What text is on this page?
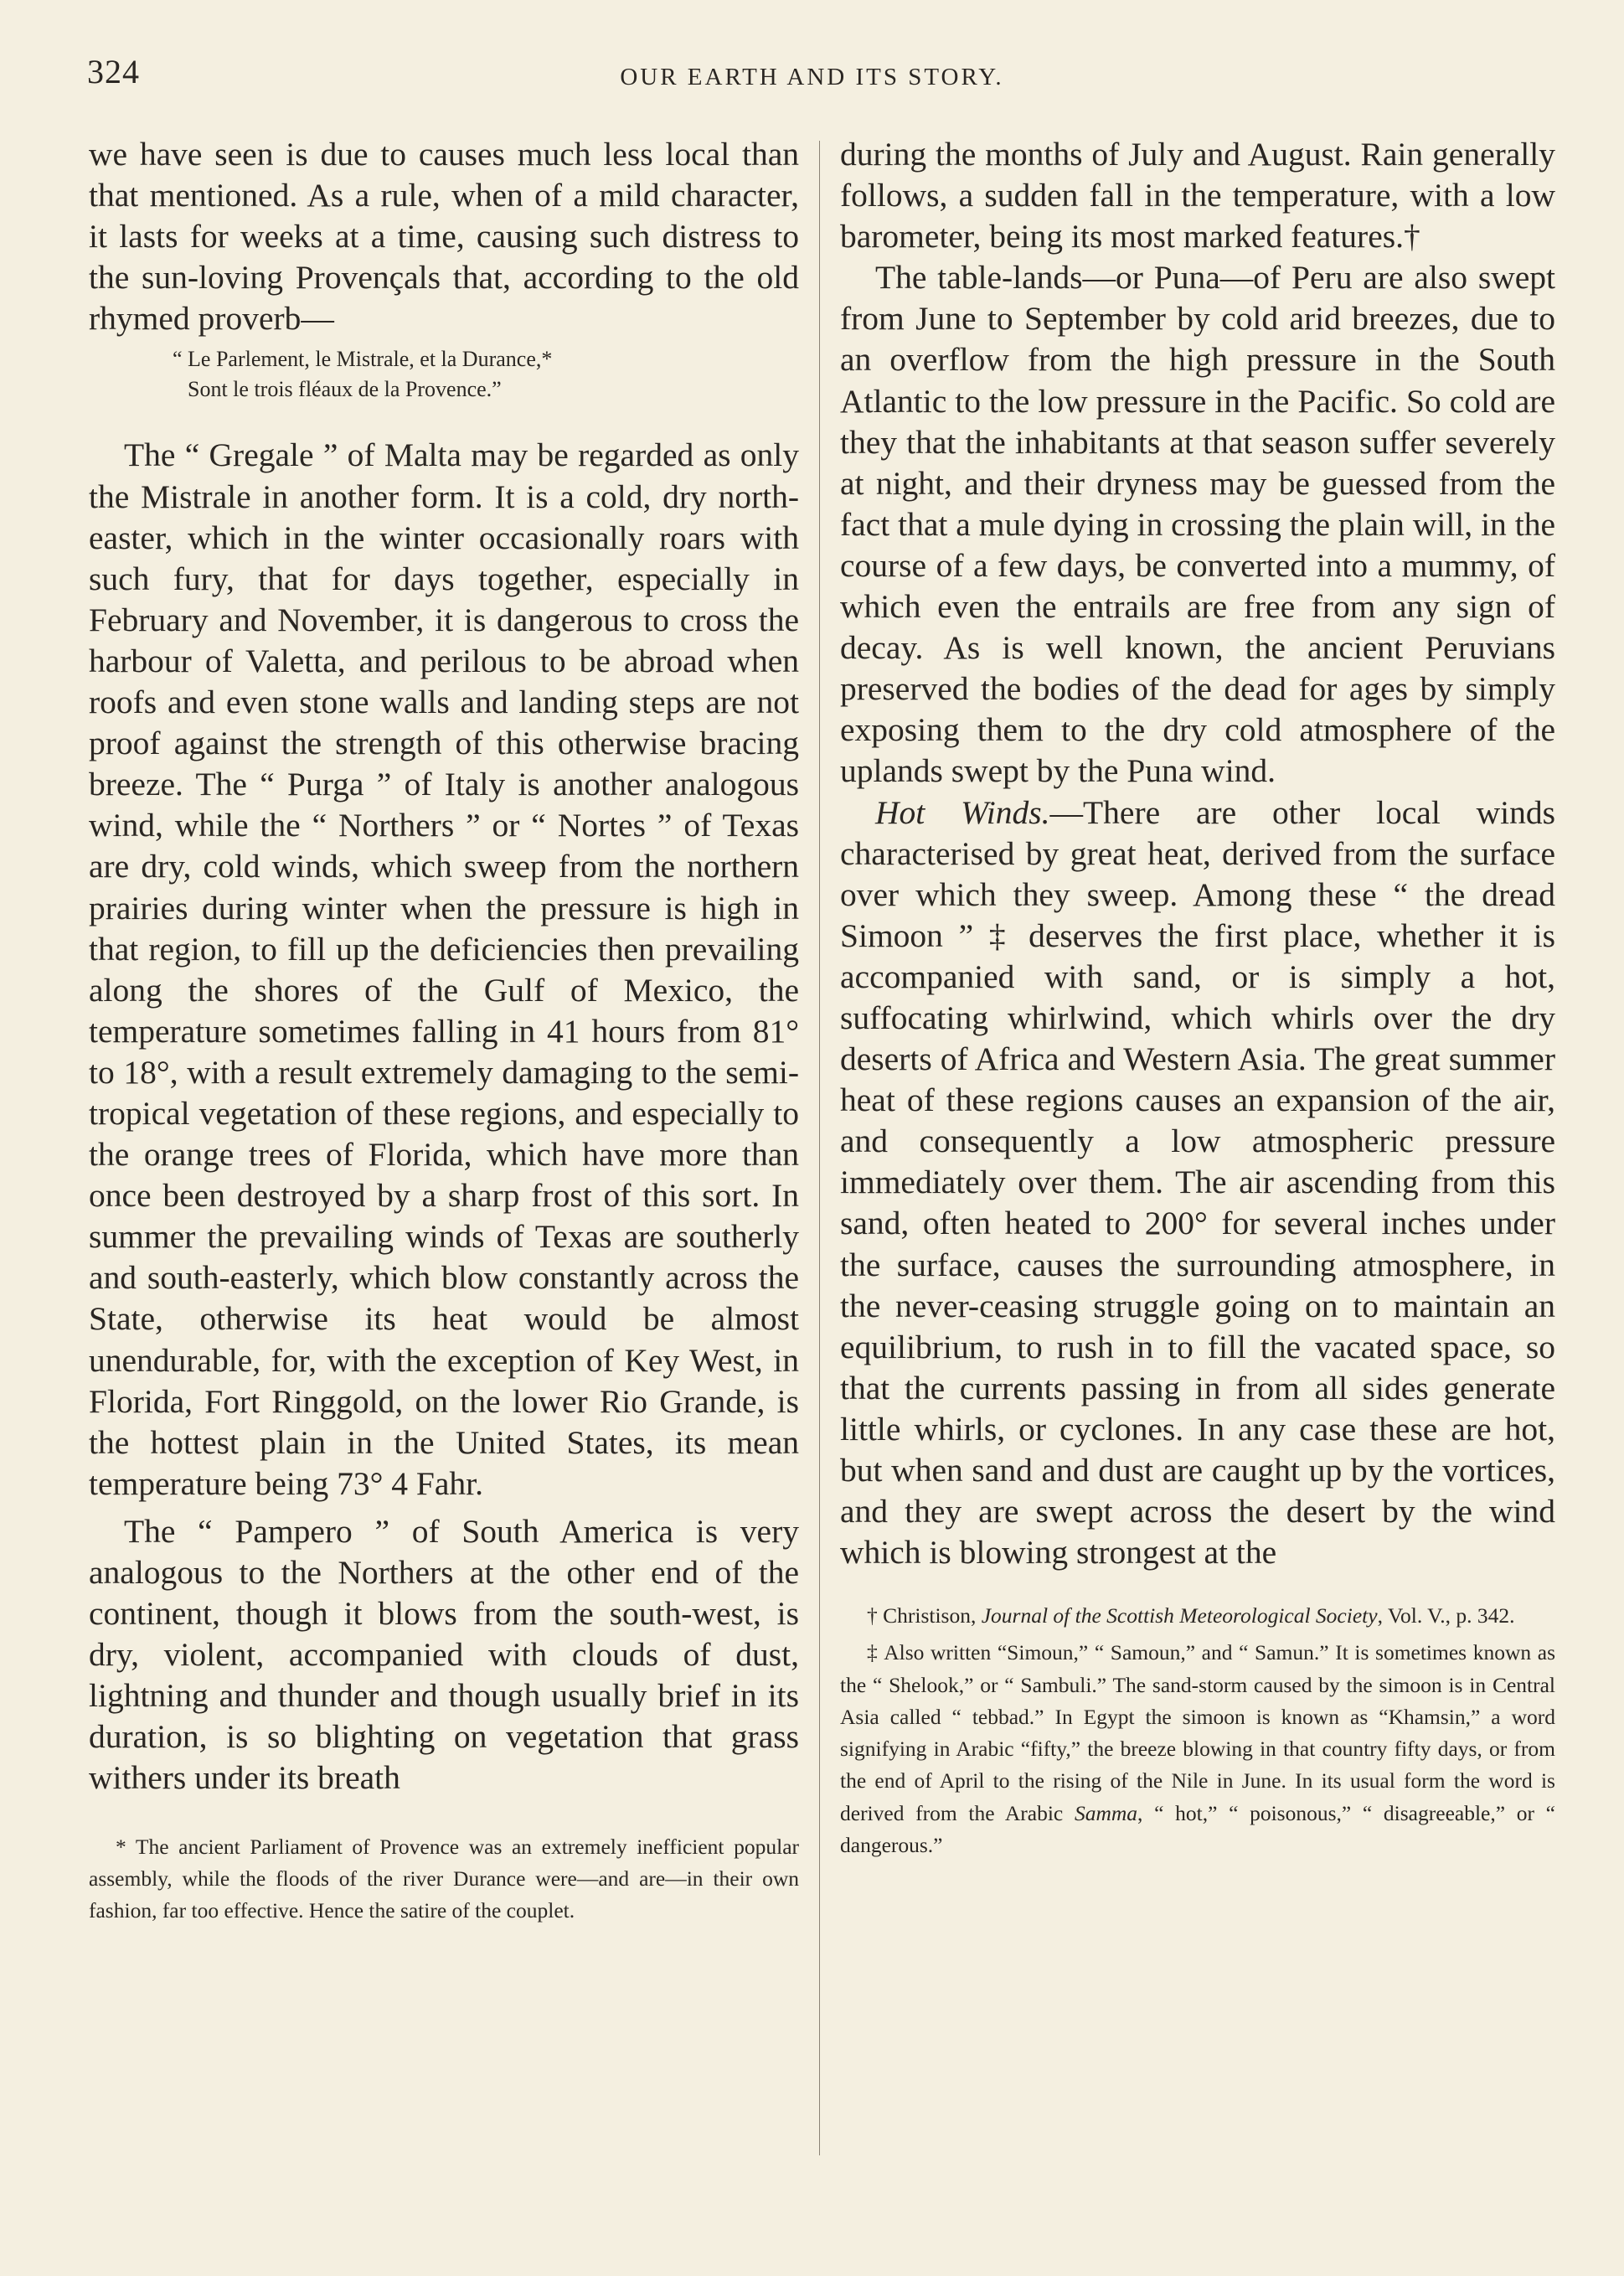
324	OUR EARTH AND ITS STORY.

we have seen is due to causes much less local than that mentioned. As a rule, when of a mild character, it lasts for weeks at a time, causing such distress to the sun-loving Provençals that, according to the old rhymed proverb—

“ Le Parlement, le Mistrale, et la Durance,*
Sont le trois fléaux de la Provence.”

The “ Gregale ” of Malta may be regarded as only the Mistrale in another form. It is a cold, dry north-easter, which in the winter occasionally roars with such fury, that for days together, especially in February and November, it is dangerous to cross the harbour of Valetta, and perilous to be abroad when roofs and even stone walls and landing steps are not proof against the strength of this otherwise bracing breeze. The “ Purga ” of Italy is another analogous wind, while the “ Northers ” or “ Nortes ” of Texas are dry, cold winds, which sweep from the northern prairies during winter when the pressure is high in that region, to fill up the deficiencies then prevailing along the shores of the Gulf of Mexico, the temperature sometimes falling in 41 hours from 81° to 18°, with a result extremely damaging to the semi-tropical vegetation of these regions, and especially to the orange trees of Florida, which have more than once been destroyed by a sharp frost of this sort. In summer the prevailing winds of Texas are southerly and south-easterly, which blow constantly across the State, otherwise its heat would be almost unendurable, for, with the exception of Key West, in Florida, Fort Ringgold, on the lower Rio Grande, is the hottest plain in the United States, its mean temperature being 73° 4 Fahr.

The “ Pampero ” of South America is very analogous to the Northers at the other end of the continent, though it blows from the south-west, is dry, violent, accompanied with clouds of dust, lightning and thunder and though usually brief in its duration, is so blighting on vegetation that grass withers under its breath

* The ancient Parliament of Provence was an extremely inefficient popular assembly, while the floods of the river Durance were—and are—in their own fashion, far too effective. Hence the satire of the couplet.

during the months of July and August. Rain generally follows, a sudden fall in the temperature, with a low barometer, being its most marked features.†

The table-lands—or Puna—of Peru are also swept from June to September by cold arid breezes, due to an overflow from the high pressure in the South Atlantic to the low pressure in the Pacific. So cold are they that the inhabitants at that season suffer severely at night, and their dryness may be guessed from the fact that a mule dying in crossing the plain will, in the course of a few days, be converted into a mummy, of which even the entrails are free from any sign of decay. As is well known, the ancient Peruvians preserved the bodies of the dead for ages by simply exposing them to the dry cold atmosphere of the uplands swept by the Puna wind.

Hot Winds.—There are other local winds characterised by great heat, derived from the surface over which they sweep. Among these “ the dread Simoon ” ‡ deserves the first place, whether it is accompanied with sand, or is simply a hot, suffocating whirlwind, which whirls over the dry deserts of Africa and Western Asia. The great summer heat of these regions causes an expansion of the air, and consequently a low atmospheric pressure immediately over them. The air ascending from this sand, often heated to 200° for several inches under the surface, causes the surrounding atmosphere, in the never-ceasing struggle going on to maintain an equilibrium, to rush in to fill the vacated space, so that the currents passing in from all sides generate little whirls, or cyclones. In any case these are hot, but when sand and dust are caught up by the vortices, and they are swept across the desert by the wind which is blowing strongest at the

† Christison, Journal of the Scottish Meteorological Society, Vol. V., p. 342.

‡ Also written “Simoun,” “ Samoun,” and “ Samun.” It is sometimes known as the “ Shelook,” or “ Sambuli.” The sand-storm caused by the simoon is in Central Asia called “ tebbad.” In Egypt the simoon is known as “Khamsin,” a word signifying in Arabic “fifty,” the breeze blowing in that country fifty days, or from the end of April to the rising of the Nile in June. In its usual form the word is derived from the Arabic Samma, “ hot,” “ poisonous,” “ disagreeable,” or “ dangerous.”
